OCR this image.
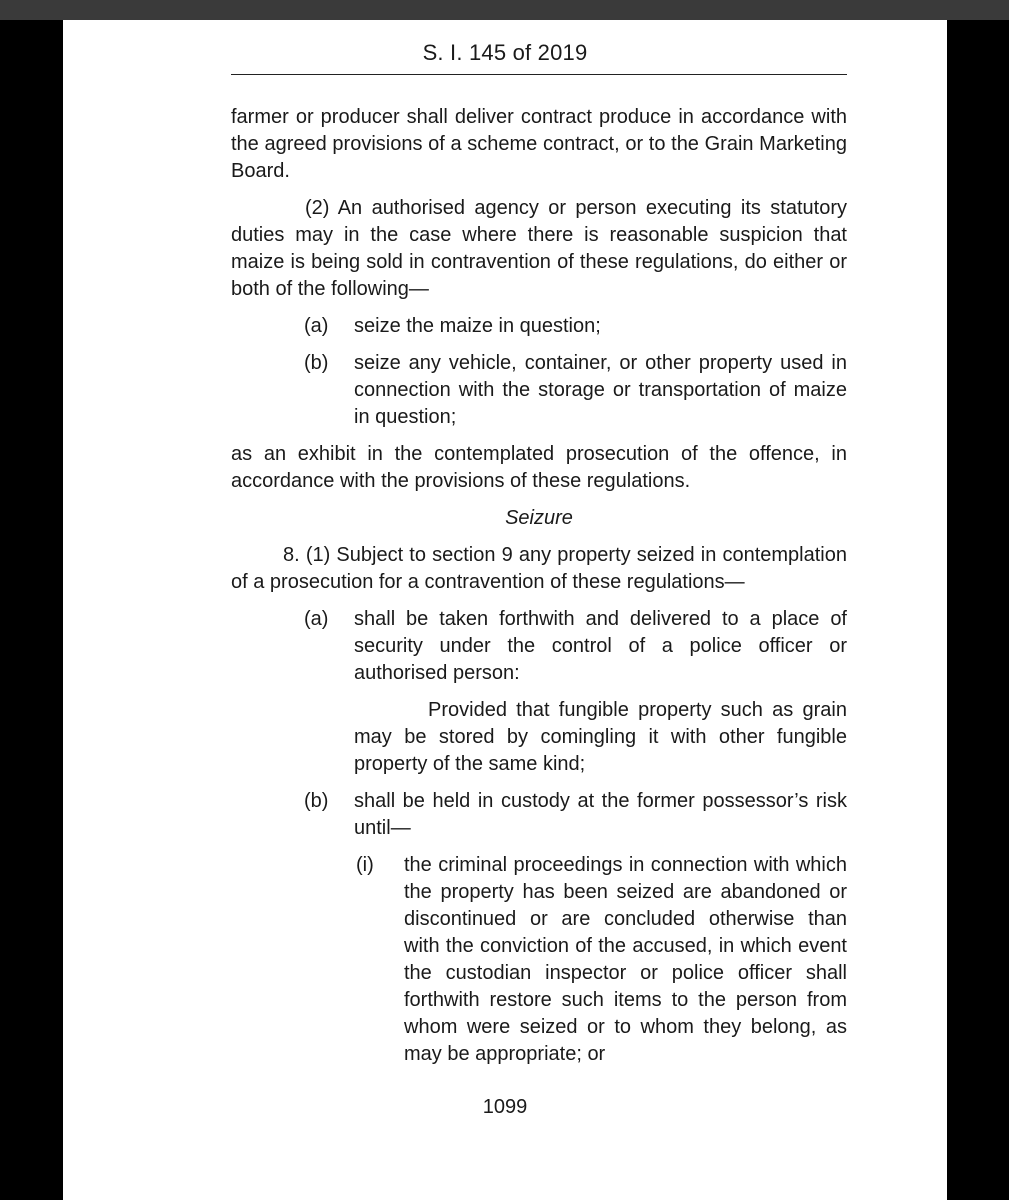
S. I. 145 of 2019

farmer or producer shall deliver contract produce in accordance with the agreed provisions of a scheme contract, or to the Grain Marketing Board.

(2) An authorised agency or person executing its statutory duties may in the case where there is reasonable suspicion that maize is being sold in contravention of these regulations, do either or both of the following—

(a) seize the maize in question;
(b) seize any vehicle, container, or other property used in connection with the storage or transportation of maize in question;

as an exhibit in the contemplated prosecution of the offence, in accordance with the provisions of these regulations.

Seizure

8. (1) Subject to section 9 any property seized in contemplation of a prosecution for a contravention of these regulations—

(a) shall be taken forthwith and delivered to a place of security under the control of a police officer or authorised person:

Provided that fungible property such as grain may be stored by comingling it with other fungible property of the same kind;

(b) shall be held in custody at the former possessor’s risk until—
(i) the criminal proceedings in connection with which the property has been seized are abandoned or discontinued or are concluded otherwise than with the conviction of the accused, in which event the custodian inspector or police officer shall forthwith restore such items to the person from whom were seized or to whom they belong, as may be appropriate; or
1099
